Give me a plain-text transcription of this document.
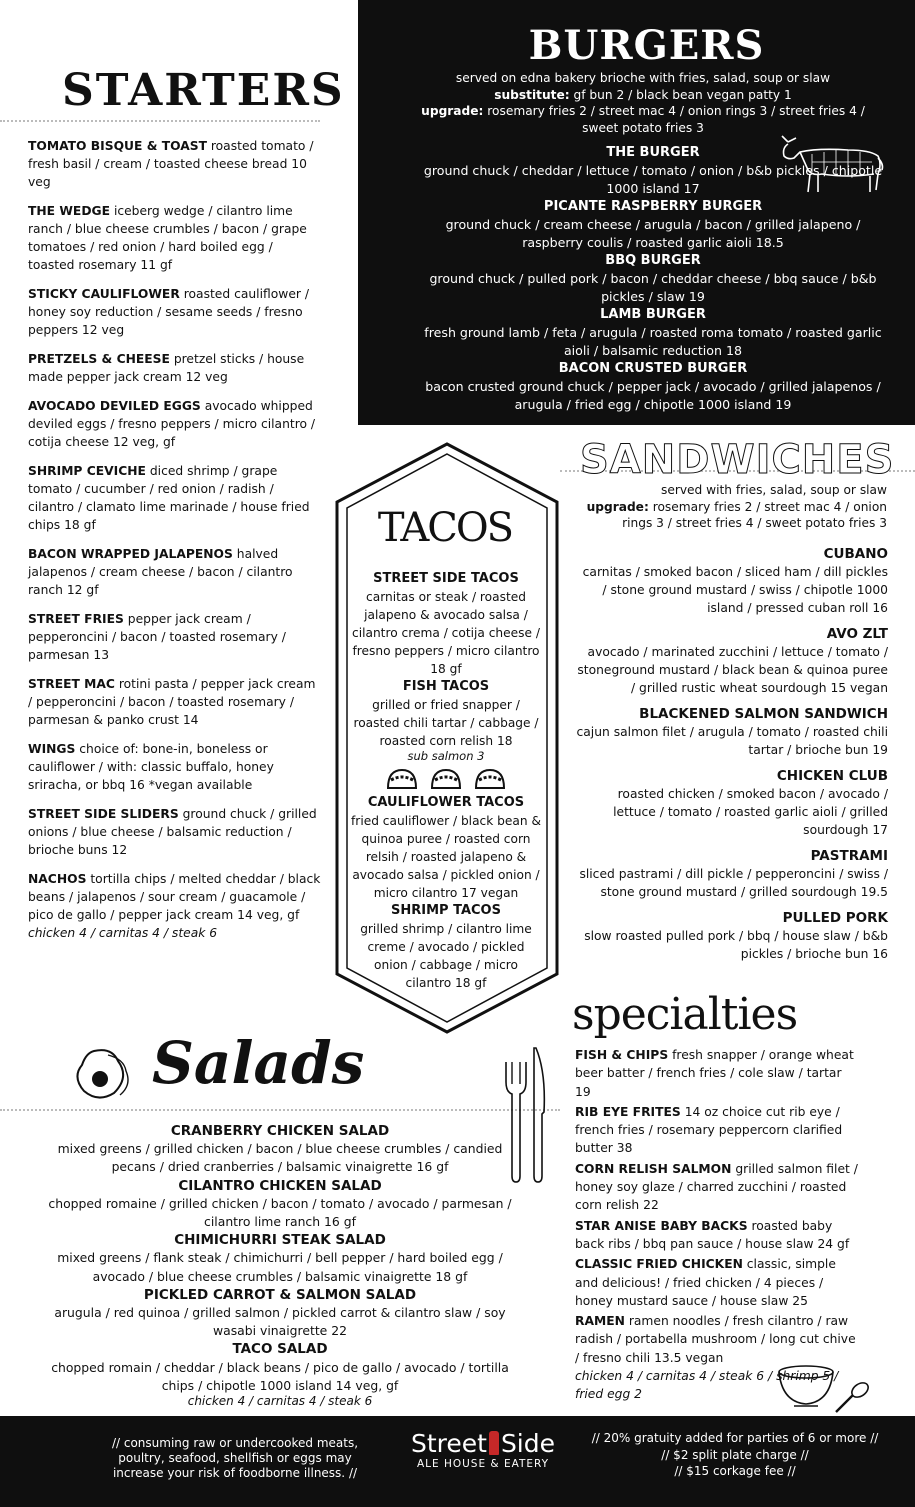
STARTERS
TOMATO BISQUE & TOAST roasted tomato / fresh basil / cream / toasted cheese bread 10 veg
THE WEDGE iceberg wedge / cilantro lime ranch / blue cheese crumbles / bacon / grape tomatoes / red onion / hard boiled egg / toasted rosemary 11 gf
STICKY CAULIFLOWER roasted cauliflower / honey soy reduction / sesame seeds / fresno peppers 12 veg
PRETZELS & CHEESE pretzel sticks / house made pepper jack cream 12 veg
AVOCADO DEVILED EGGS avocado whipped deviled eggs / fresno peppers / micro cilantro / cotija cheese 12 veg, gf
SHRIMP CEVICHE diced shrimp / grape tomato / cucumber / red onion / radish / cilantro / clamato lime marinade / house fried chips 18 gf
BACON WRAPPED JALAPENOS halved jalapenos / cream cheese / bacon / cilantro ranch 12 gf
STREET FRIES pepper jack cream / pepperoncini / bacon / toasted rosemary / parmesan 13
STREET MAC rotini pasta / pepper jack cream / pepperoncini / bacon / toasted rosemary / parmesan & panko crust 14
WINGS choice of: bone-in, boneless or cauliflower / with: classic buffalo, honey sriracha, or bbq 16 *vegan available
STREET SIDE SLIDERS ground chuck / grilled onions / blue cheese / balsamic reduction / brioche buns 12
NACHOS tortilla chips / melted cheddar / black beans / jalapenos / sour cream / guacamole / pico de gallo / pepper jack cream 14 veg, gf
chicken 4 / carnitas 4 / steak 6
BURGERS
served on edna bakery brioche with fries, salad, soup or slaw
substitute: gf bun 2 / black bean vegan patty 1
upgrade: rosemary fries 2 / street mac 4 / onion rings 3 / street fries 4 / sweet potato fries 3
THE BURGER
ground chuck / cheddar / lettuce / tomato / onion / b&b pickles / chipotle 1000 island 17
PICANTE RASPBERRY BURGER
ground chuck / cream cheese / arugula / bacon / grilled jalapeno / raspberry coulis / roasted garlic aioli 18.5
BBQ BURGER
ground chuck / pulled pork / bacon / cheddar cheese / bbq sauce / b&b pickles / slaw 19
LAMB BURGER
fresh ground lamb / feta / arugula / roasted roma tomato / roasted garlic aioli / balsamic reduction 18
BACON CRUSTED BURGER
bacon crusted ground chuck / pepper jack / avocado / grilled jalapenos / arugula / fried egg / chipotle 1000 island 19
TACOS
STREET SIDE TACOS
carnitas or steak / roasted jalapeno & avocado salsa / cilantro crema / cotija cheese / fresno peppers / micro cilantro 18 gf
FISH TACOS
grilled or fried snapper / roasted chili tartar / cabbage / roasted corn relish 18
sub salmon 3
CAULIFLOWER TACOS
fried cauliflower / black bean & quinoa puree / roasted corn relsih / roasted jalapeno & avocado salsa / pickled onion / micro cilantro 17 vegan
SHRIMP TACOS
grilled shrimp / cilantro lime creme / avocado / pickled onion / cabbage / micro cilantro 18 gf
SANDWICHES
served with fries, salad, soup or slaw
upgrade: rosemary fries 2 / street mac 4 / onion rings 3 / street fries 4 / sweet potato fries 3
CUBANO
carnitas / smoked bacon / sliced ham / dill pickles / stone ground mustard / swiss / chipotle 1000 island / pressed cuban roll 16
AVO ZLT
avocado / marinated zucchini / lettuce / tomato / stoneground mustard / black bean & quinoa puree / grilled rustic wheat sourdough 15 vegan
BLACKENED SALMON SANDWICH
cajun salmon filet / arugula / tomato / roasted chili tartar / brioche bun 19
CHICKEN CLUB
roasted chicken / smoked bacon / avocado / lettuce / tomato / roasted garlic aioli / grilled sourdough 17
PASTRAMI
sliced pastrami / dill pickle / pepperoncini / swiss / stone ground mustard / grilled sourdough 19.5
PULLED PORK
slow roasted pulled pork / bbq / house slaw / b&b pickles / brioche bun 16
specialties
FISH & CHIPS fresh snapper / orange wheat beer batter / french fries / cole slaw / tartar 19
RIB EYE FRITES 14 oz choice cut rib eye / french fries / rosemary peppercorn clarified butter 38
CORN RELISH SALMON grilled salmon filet / honey soy glaze / charred zucchini / roasted corn relish 22
STAR ANISE BABY BACKS roasted baby back ribs / bbq pan sauce / house slaw 24 gf
CLASSIC FRIED CHICKEN classic, simple and delicious! / fried chicken / 4 pieces / honey mustard sauce / house slaw 25
RAMEN ramen noodles / fresh cilantro / raw radish / portabella mushroom / long cut chive / fresno chili 13.5 vegan
chicken 4 / carnitas 4 / steak 6 / shrimp 5 / fried egg 2
Salads
CRANBERRY CHICKEN SALAD
mixed greens / grilled chicken / bacon / blue cheese crumbles / candied pecans / dried cranberries / balsamic vinaigrette 16 gf
CILANTRO CHICKEN SALAD
chopped romaine / grilled chicken / bacon / tomato / avocado / parmesan / cilantro lime ranch 16 gf
CHIMICHURRI STEAK SALAD
mixed greens / flank steak / chimichurri / bell pepper / hard boiled egg / avocado / blue cheese crumbles / balsamic vinaigrette 18 gf
PICKLED CARROT & SALMON SALAD
arugula / red quinoa / grilled salmon / pickled carrot & cilantro slaw / soy wasabi vinaigrette 22
TACO SALAD
chopped romain / cheddar / black beans / pico de gallo / avocado / tortilla chips / chipotle 1000 island 14 veg, gf
chicken 4 / carnitas 4 / steak 6
// consuming raw or undercooked meats, poultry, seafood, shellfish or eggs may increase your risk of foodborne illness. //
Street Side
ALE HOUSE & EATERY
// 20% gratuity added for parties of 6 or more //
// $2 split plate charge //
// $15 corkage fee //
